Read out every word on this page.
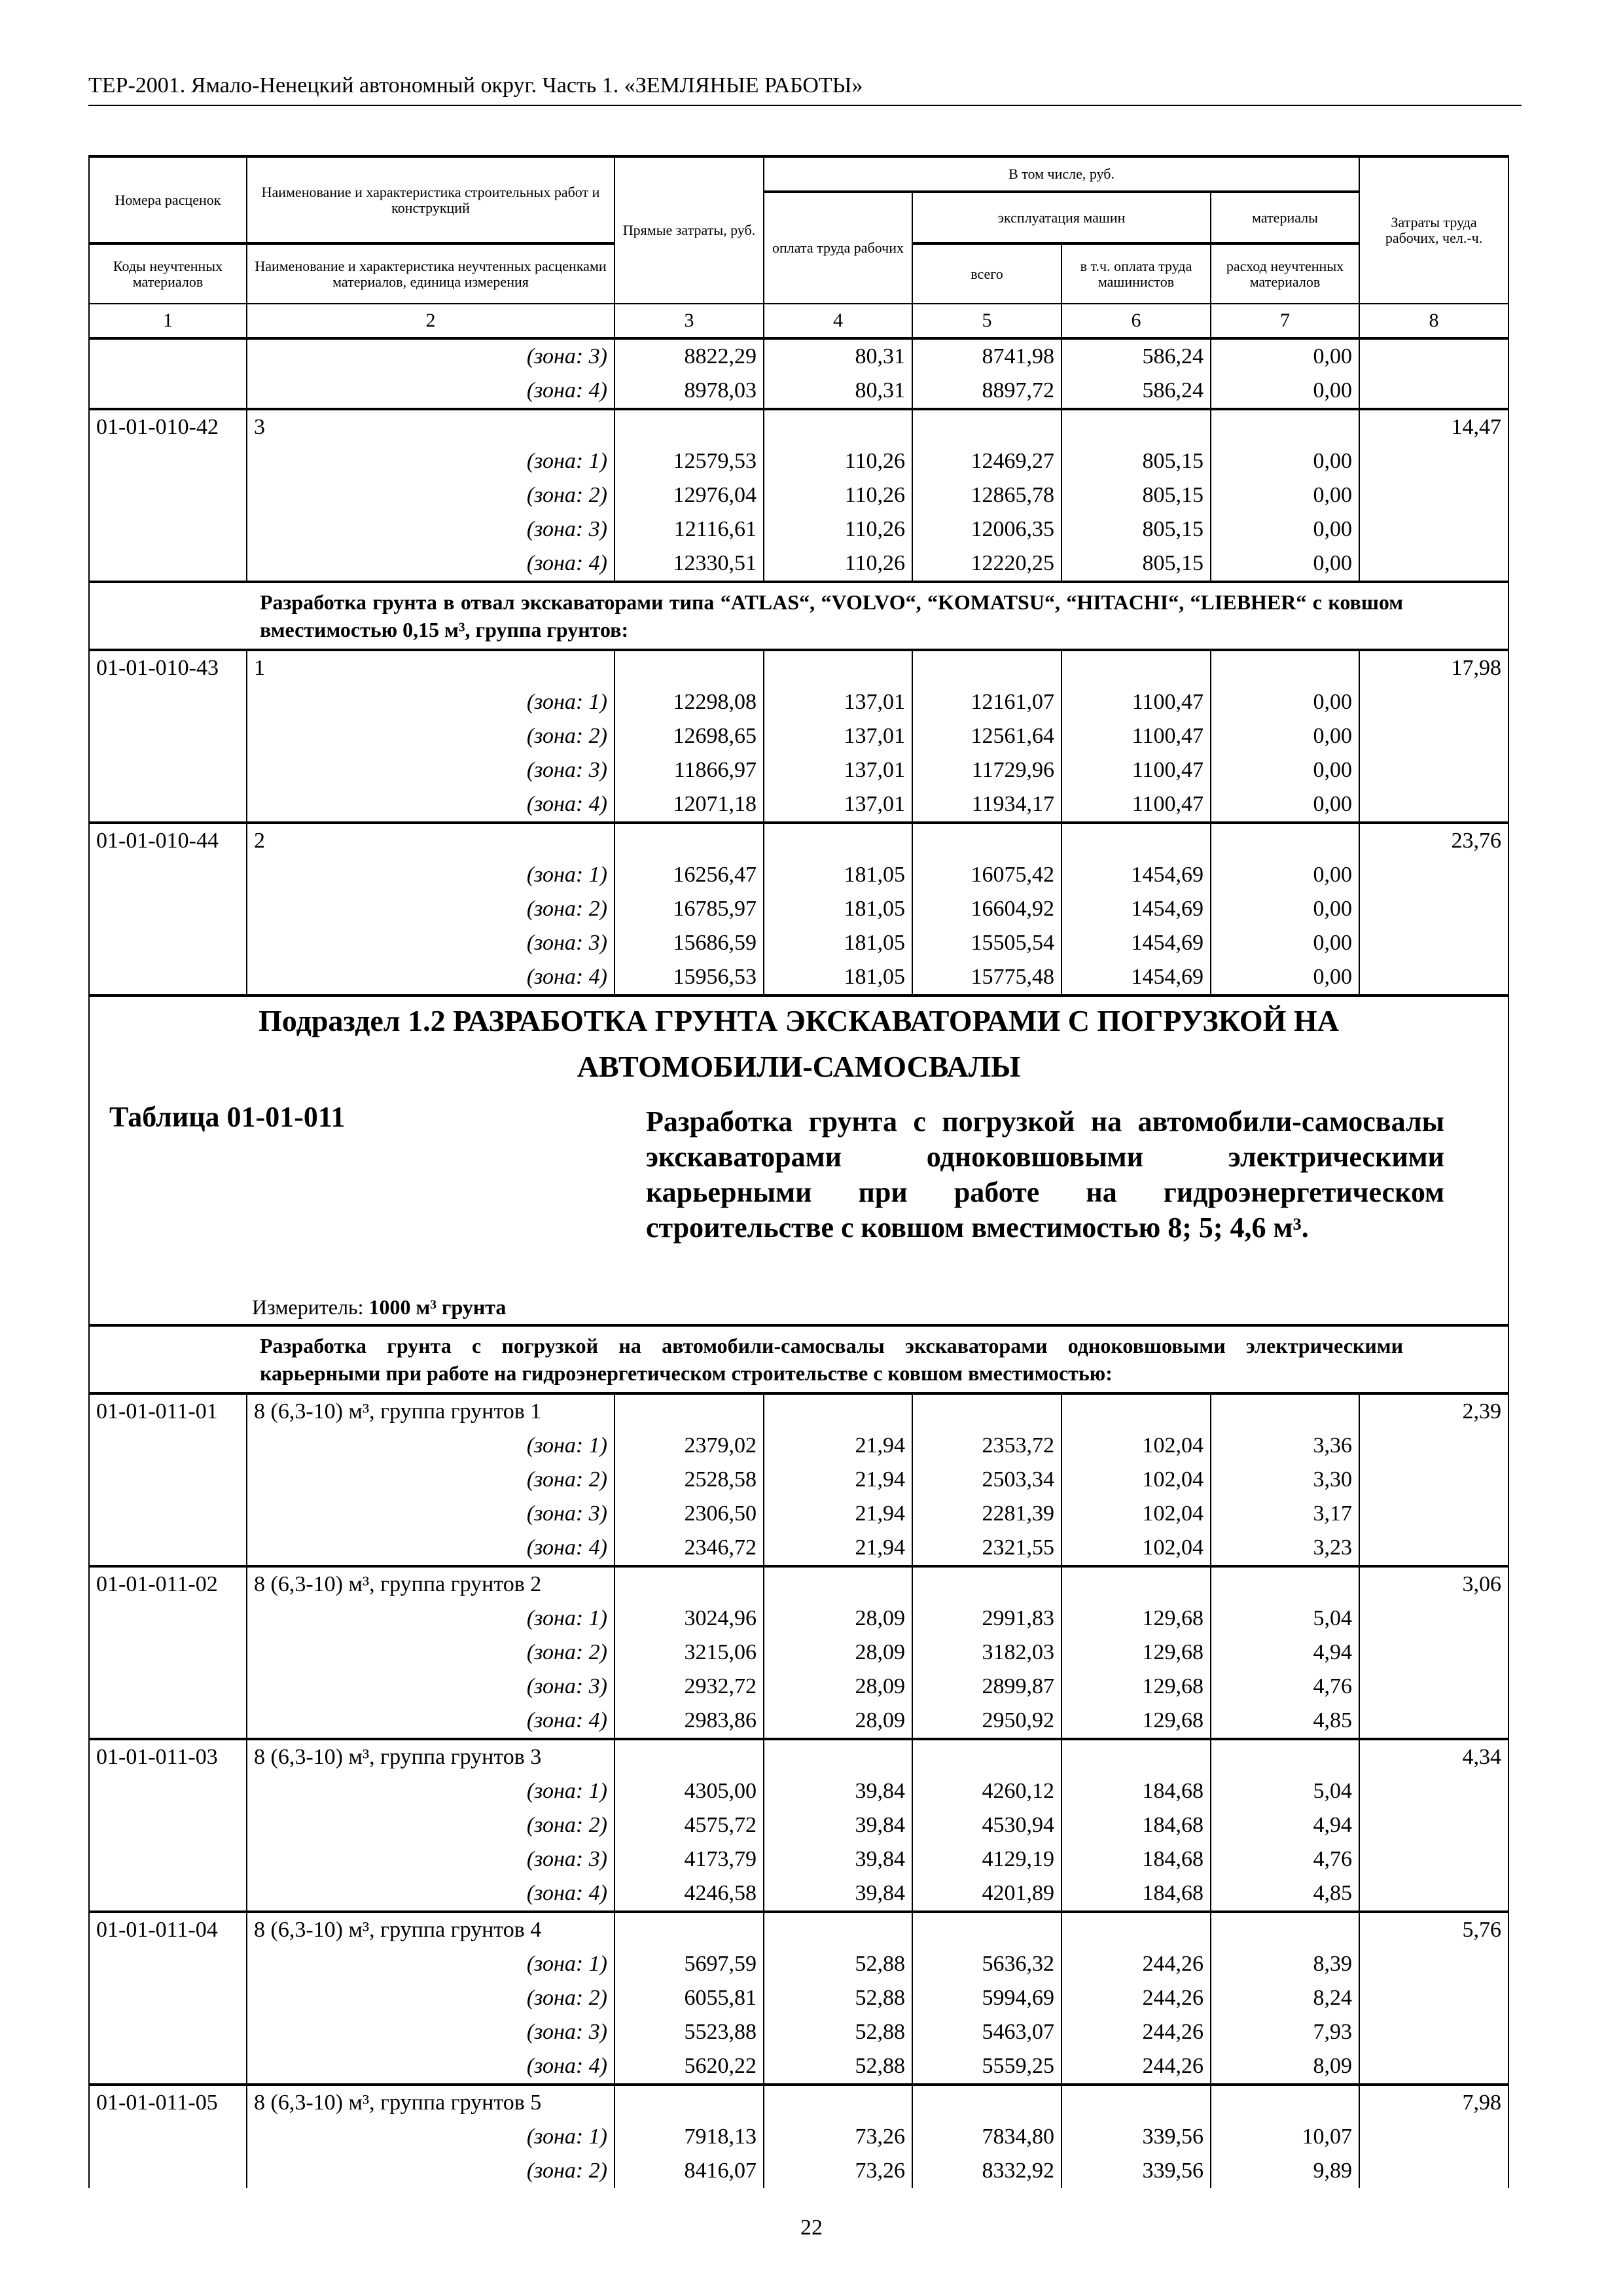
ТЕР-2001. Ямало-Ненецкий автономный округ. Часть 1. «ЗЕМЛЯНЫЕ РАБОТЫ»
Номера расценок	Наименование и характеристика строительных работ и конструкций	Прямые затраты, руб.	В том числе, руб.				Затраты труда рабочих, чел.-ч.
			оплата труда рабочих	эксплуатация машин		материалы	
Коды неучтенных материалов	Наименование и характеристика неучтенных расценками материалов, единица измерения			всего	в т.ч. оплата труда машинистов	расход неучтенных материалов	
1	2	3	4	5	6	7	8
	(зона: 3)	8822,29	80,31	8741,98	586,24	0,00	
	(зона: 4)	8978,03	80,31	8897,72	586,24	0,00	
01-01-010-42	3						14,47
	(зона: 1)	12579,53	110,26	12469,27	805,15	0,00	
	(зона: 2)	12976,04	110,26	12865,78	805,15	0,00	
	(зона: 3)	12116,61	110,26	12006,35	805,15	0,00	
	(зона: 4)	12330,51	110,26	12220,25	805,15	0,00	
	Разработка грунта в отвал экскаваторами типа “ATLAS“, “VOLVO“, “KOMATSU“, “HITACHI“, “LIEBHER“ с ковшом вместимостью 0,15 м³, группа грунтов:						
01-01-010-43	1						17,98
	(зона: 1)	12298,08	137,01	12161,07	1100,47	0,00	
	(зона: 2)	12698,65	137,01	12561,64	1100,47	0,00	
	(зона: 3)	11866,97	137,01	11729,96	1100,47	0,00	
	(зона: 4)	12071,18	137,01	11934,17	1100,47	0,00	
01-01-010-44	2						23,76
	(зона: 1)	16256,47	181,05	16075,42	1454,69	0,00	
	(зона: 2)	16785,97	181,05	16604,92	1454,69	0,00	
	(зона: 3)	15686,59	181,05	15505,54	1454,69	0,00	
	(зона: 4)	15956,53	181,05	15775,48	1454,69	0,00	

Подраздел 1.2 РАЗРАБОТКА ГРУНТА ЭКСКАВАТОРАМИ С ПОГРУЗКОЙ НА АВТОМОБИЛИ-САМОСВАЛЫ
Таблица 01-01-011 Разработка грунта с погрузкой на автомобили-самосвалы экскаваторами одноковшовыми электрическими карьерными при работе на гидроэнергетическом строительстве с ковшом вместимостью 8; 5; 4,6 м³.
Измеритель: 1000 м³ грунта							

	Разработка грунта с погрузкой на автомобили-самосвалы экскаваторами одноковшовыми электрическими карьерными при работе на гидроэнергетическом строительстве с ковшом вместимостью:						
01-01-011-01	8 (6,3-10) м³, группа грунтов 1						2,39
	(зона: 1)	2379,02	21,94	2353,72	102,04	3,36	
	(зона: 2)	2528,58	21,94	2503,34	102,04	3,30	
	(зона: 3)	2306,50	21,94	2281,39	102,04	3,17	
	(зона: 4)	2346,72	21,94	2321,55	102,04	3,23	
01-01-011-02	8 (6,3-10) м³, группа грунтов 2						3,06
	(зона: 1)	3024,96	28,09	2991,83	129,68	5,04	
	(зона: 2)	3215,06	28,09	3182,03	129,68	4,94	
	(зона: 3)	2932,72	28,09	2899,87	129,68	4,76	
	(зона: 4)	2983,86	28,09	2950,92	129,68	4,85	
01-01-011-03	8 (6,3-10) м³, группа грунтов 3						4,34
	(зона: 1)	4305,00	39,84	4260,12	184,68	5,04	
	(зона: 2)	4575,72	39,84	4530,94	184,68	4,94	
	(зона: 3)	4173,79	39,84	4129,19	184,68	4,76	
	(зона: 4)	4246,58	39,84	4201,89	184,68	4,85	
01-01-011-04	8 (6,3-10) м³, группа грунтов 4						5,76
	(зона: 1)	5697,59	52,88	5636,32	244,26	8,39	
	(зона: 2)	6055,81	52,88	5994,69	244,26	8,24	
	(зона: 3)	5523,88	52,88	5463,07	244,26	7,93	
	(зона: 4)	5620,22	52,88	5559,25	244,26	8,09	
01-01-011-05	8 (6,3-10) м³, группа грунтов 5						7,98
	(зона: 1)	7918,13	73,26	7834,80	339,56	10,07	
	(зона: 2)	8416,07	73,26	8332,92	339,56	9,89	
22
